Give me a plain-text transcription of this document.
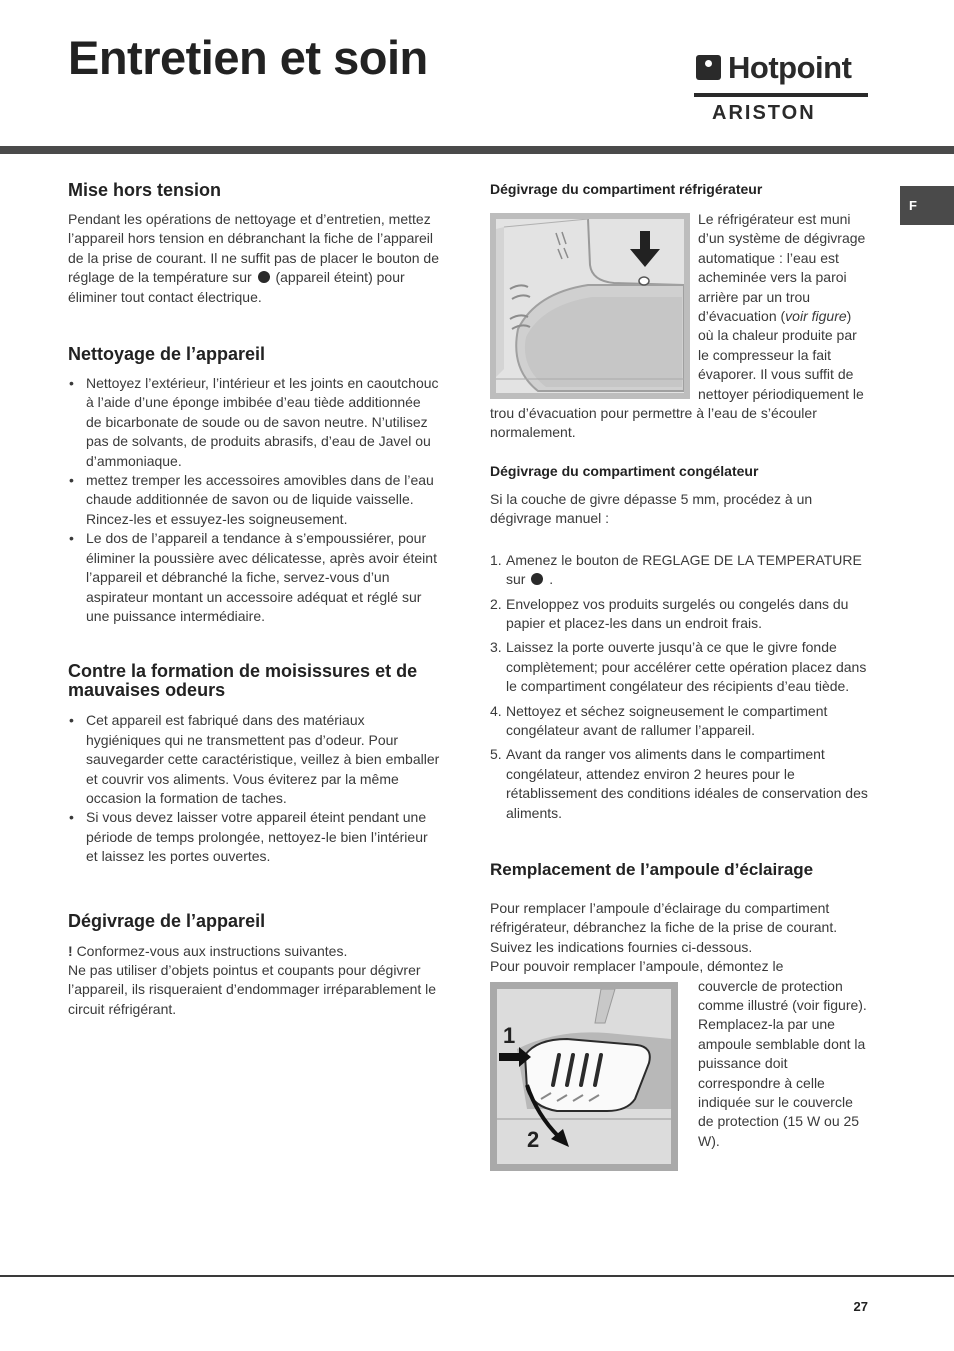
Entretien et soin	Hotpoint
ARISTON
F
Mise hors tension

Pendant les opérations de nettoyage et d’entretien, mettez l’appareil hors tension en débranchant la fiche de l’appareil de la prise de courant. Il ne suffit pas de placer le bouton de réglage de la température sur (appareil éteint) pour éliminer tout contact électrique.

Nettoyage de l’appareil
• Nettoyez l’extérieur, l’intérieur et les joints en caoutchouc à l’aide d’une éponge imbibée d’eau tiède additionnée de bicarbonate de soude ou de savon neutre. N’utilisez pas de solvants, de produits abrasifs, d’eau de Javel ou d’ammoniaque.
• mettez tremper les accessoires amovibles dans de l’eau chaude additionnée de savon ou de liquide vaisselle. Rincez-les et essuyez-les soigneusement.
• Le dos de l’appareil a tendance à s’empoussiérer, pour éliminer la poussière avec délicatesse, après avoir éteint l’appareil et débranché la fiche, servez-vous d’un aspirateur montant un accessoire adéquat et réglé sur une puissance intermédiaire.
Contre la formation de moisissures et de mauvaises odeurs
• Cet appareil est fabriqué dans des matériaux hygiéniques qui ne transmettent pas d’odeur. Pour sauvegarder cette caractéristique, veillez à bien emballer et couvrir vos aliments. Vous éviterez par la même occasion la formation de taches.
• Si vous devez laisser votre appareil éteint pendant une période de temps prolongée, nettoyez-le bien l’intérieur et laissez les portes ouvertes.
Dégivrage de l’appareil

! Conformez-vous aux instructions suivantes.

Ne pas utiliser d’objets pointus et coupants pour dégivrer l’appareil, ils risqueraient d’endommager irréparablement le circuit réfrigérant.

Dégivrage du compartiment réfrigérateur

Le réfrigérateur est muni d’un système de dégivrage automatique : l’eau est acheminée vers la paroi arrière par un trou d’évacuation (voir figure) où la chaleur produite par le compresseur la fait évaporer. Il vous suffit de nettoyer périodiquement le trou d’évacuation pour permettre à l’eau de s’écouler normalement.

Dégivrage du compartiment congélateur

Si la couche de givre dépasse 5 mm, procédez à un dégivrage manuel :

1. Amenez le bouton de REGLAGE DE LA TEMPERATURE sur .
2. Enveloppez vos produits surgelés ou congelés dans du papier et placez-les dans un endroit frais.
3. Laissez la porte ouverte jusqu’à ce que le givre fonde complètement; pour accélérer cette opération placez dans le compartiment congélateur des récipients d’eau tiède.
4. Nettoyez et séchez soigneusement le compartiment congélateur avant de rallumer l’appareil.
5. Avant da ranger vos aliments dans le compartiment congélateur, attendez environ 2 heures pour le rétablissement des conditions idéales de conservation des aliments.
Remplacement de l’ampoule d’éclairage

Pour remplacer l’ampoule d’éclairage du compartiment réfrigérateur, débranchez la fiche de la prise de courant. Suivez les indications fournies ci-dessous.

Pour pouvoir remplacer l’ampoule, démontez le

1
2

couvercle de protection comme illustré (voir figure). Remplacez-la par une ampoule semblable dont la puissance doit correspondre à celle indiquée sur le couvercle de protection (15 W ou 25 W).

27
